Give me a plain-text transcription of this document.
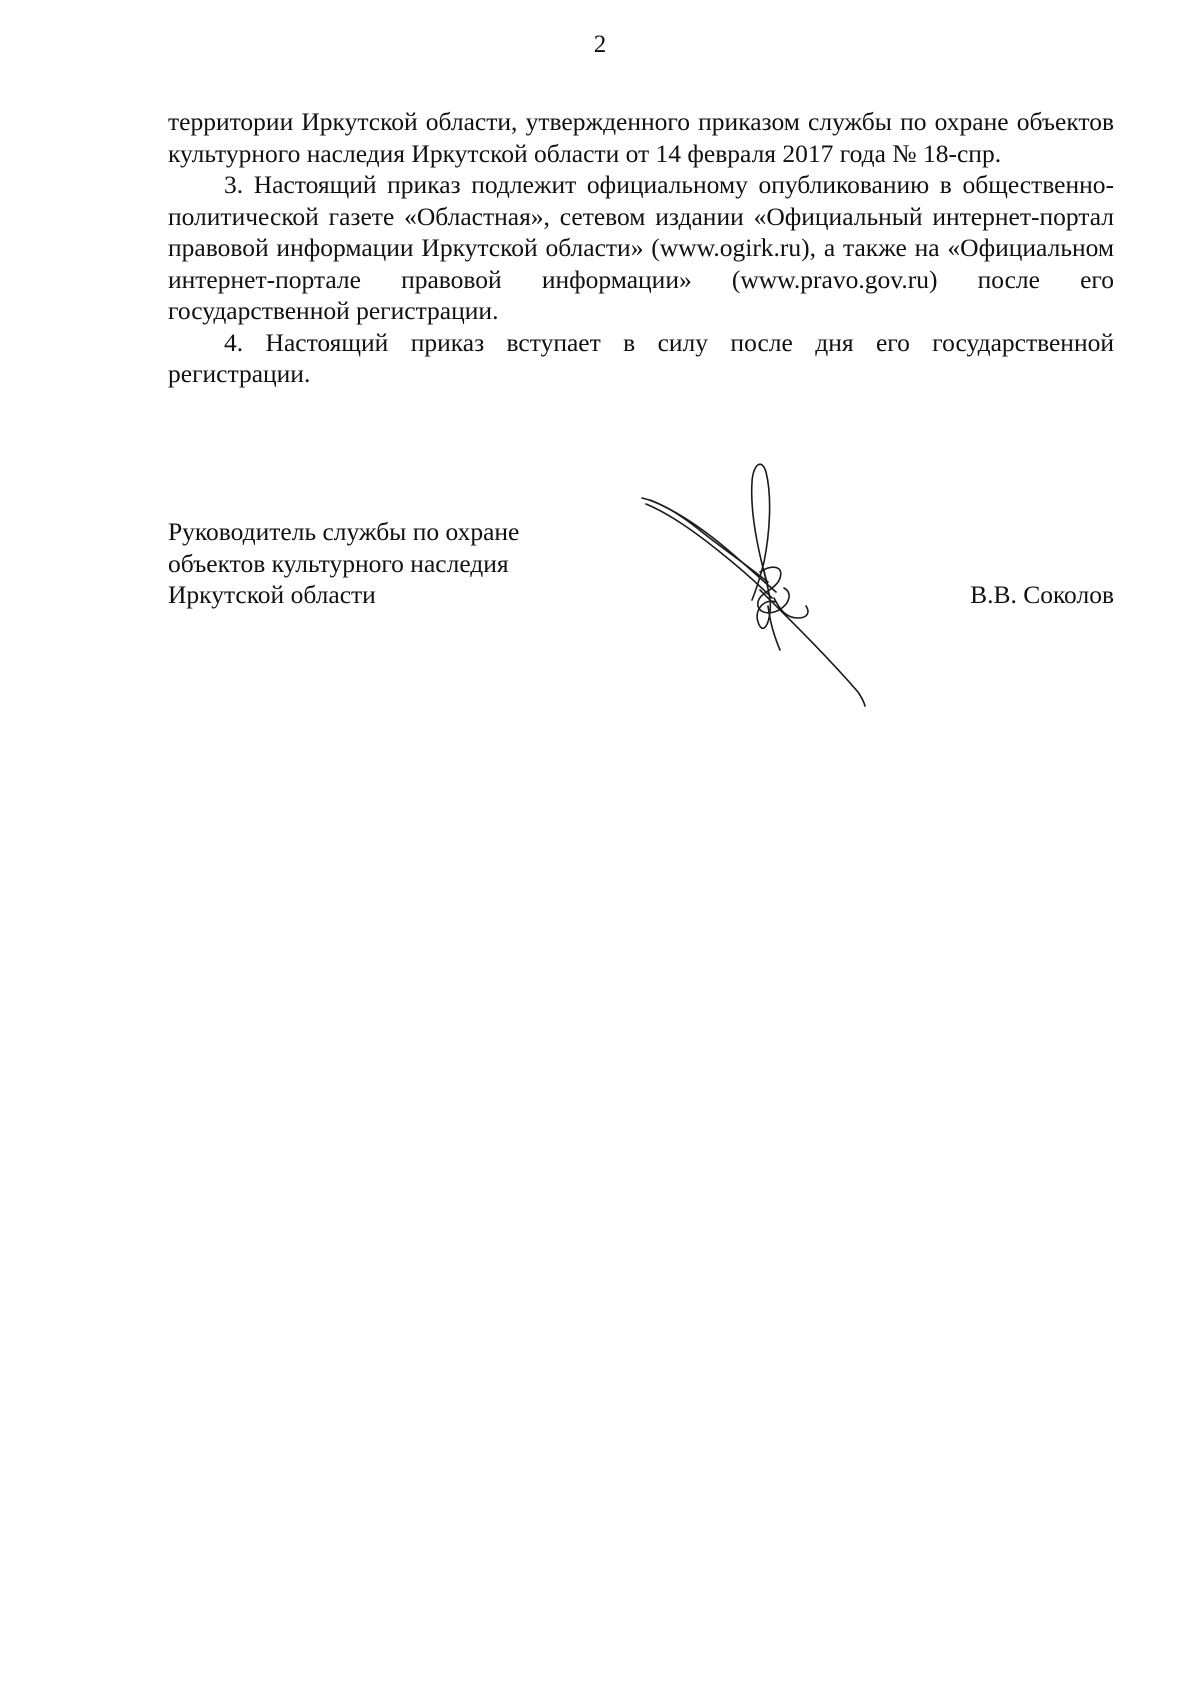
2

территории Иркутской области, утвержденного приказом службы по охране объектов культурного наследия Иркутской области от 14 февраля 2017 года № 18-спр.

3. Настоящий приказ подлежит официальному опубликованию в общественно-политической газете «Областная», сетевом издании «Официальный интернет-портал правовой информации Иркутской области» (www.ogirk.ru), а также на «Официальном интернет-портале правовой информации» (www.pravo.gov.ru) после его государственной регистрации.

4. Настоящий приказ вступает в силу после дня его государственной регистрации.

Руководитель службы по охране
объектов культурного наследия
Иркутской области	В.В. Соколов
